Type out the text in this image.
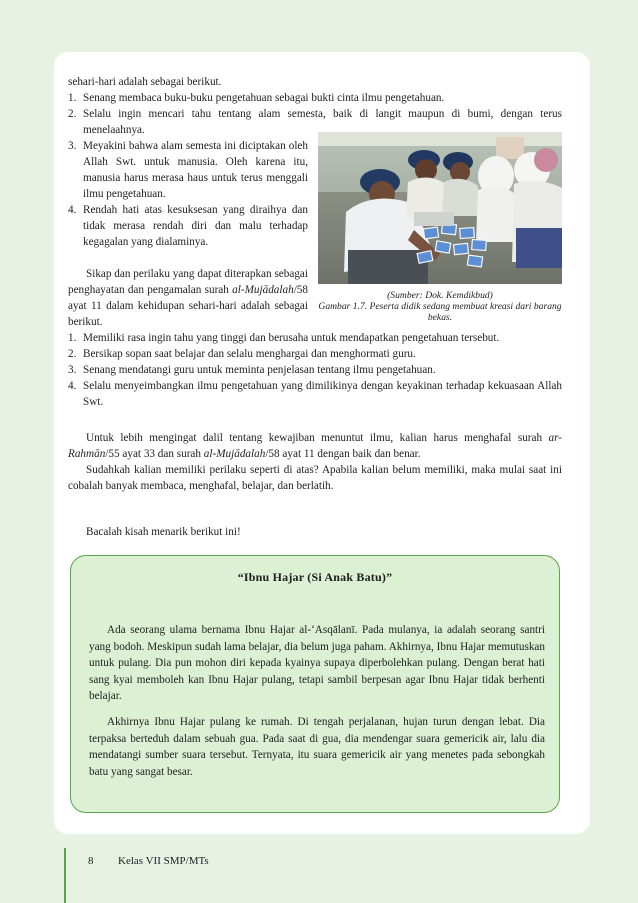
sehari-hari adalah sebagai berikut.

1. Senang membaca buku-buku pengetahuan sebagai bukti cinta ilmu pengetahuan.
2. Selalu ingin mencari tahu tentang alam semesta, baik di langit maupun di bumi, dengan terus menelaahnya.
3. Meyakini bahwa alam semesta ini diciptakan oleh Allah Swt. untuk manusia. Oleh karena itu, manusia harus merasa haus untuk terus menggali ilmu pengetahuan.
4. Rendah hati atas kesuksesan yang diraihya dan tidak merasa rendah diri dan malu terhadap kegagalan yang dialaminya.

Sikap dan perilaku yang dapat diterapkan sebagai penghayatan dan pengamalan surah al-Mujādalah/58 ayat 11 dalam kehidupan sehari-hari adalah sebagai berikut.

(Sumber: Dok. Kemdikbud)
Gambar 1.7. Peserta didik sedang membuat kreasi dari barang bekas.
1. Memiliki rasa ingin tahu yang tinggi dan berusaha untuk mendapatkan pengetahuan tersebut.
2. Bersikap sopan saat belajar dan selalu menghargai dan menghormati guru.
3. Senang mendatangi guru untuk meminta penjelasan tentang ilmu pengetahuan.
4. Selalu menyeimbangkan ilmu pengetahuan yang dimilikinya dengan keyakinan terhadap kekuasaan Allah Swt.

Untuk lebih mengingat dalil tentang kewajiban menuntut ilmu, kalian harus menghafal surah ar-Rahmān/55 ayat 33 dan surah al-Mujādalah/58 ayat 11 dengan baik dan benar.

Sudahkah kalian memiliki perilaku seperti di atas? Apabila kalian belum memiliki, maka mulai saat ini cobalah banyak membaca, menghafal, belajar, dan berlatih.

Bacalah kisah menarik berikut ini!

“Ibnu Hajar (Si Anak Batu)”

Ada seorang ulama bernama Ibnu Hajar al-‘Asqālanī. Pada mulanya, ia adalah seorang santri yang bodoh. Meskipun sudah lama belajar, dia belum juga paham. Akhirnya, Ibnu Hajar memutuskan untuk pulang. Dia pun mohon diri kepada kyainya supaya diperbolehkan pulang. Dengan berat hati sang kyai memboleh kan Ibnu Hajar pulang, tetapi sambil berpesan agar Ibnu Hajar tidak berhenti belajar.

Akhirnya Ibnu Hajar pulang ke rumah. Di tengah perjalanan, hujan turun dengan lebat. Dia terpaksa berteduh dalam sebuah gua. Pada saat di gua, dia mendengar suara gemericik air, lalu dia mendatangi sumber suara tersebut. Ternyata, itu suara gemericik air yang menetes pada sebongkah batu yang sangat besar.

8 Kelas VII SMP/MTs
